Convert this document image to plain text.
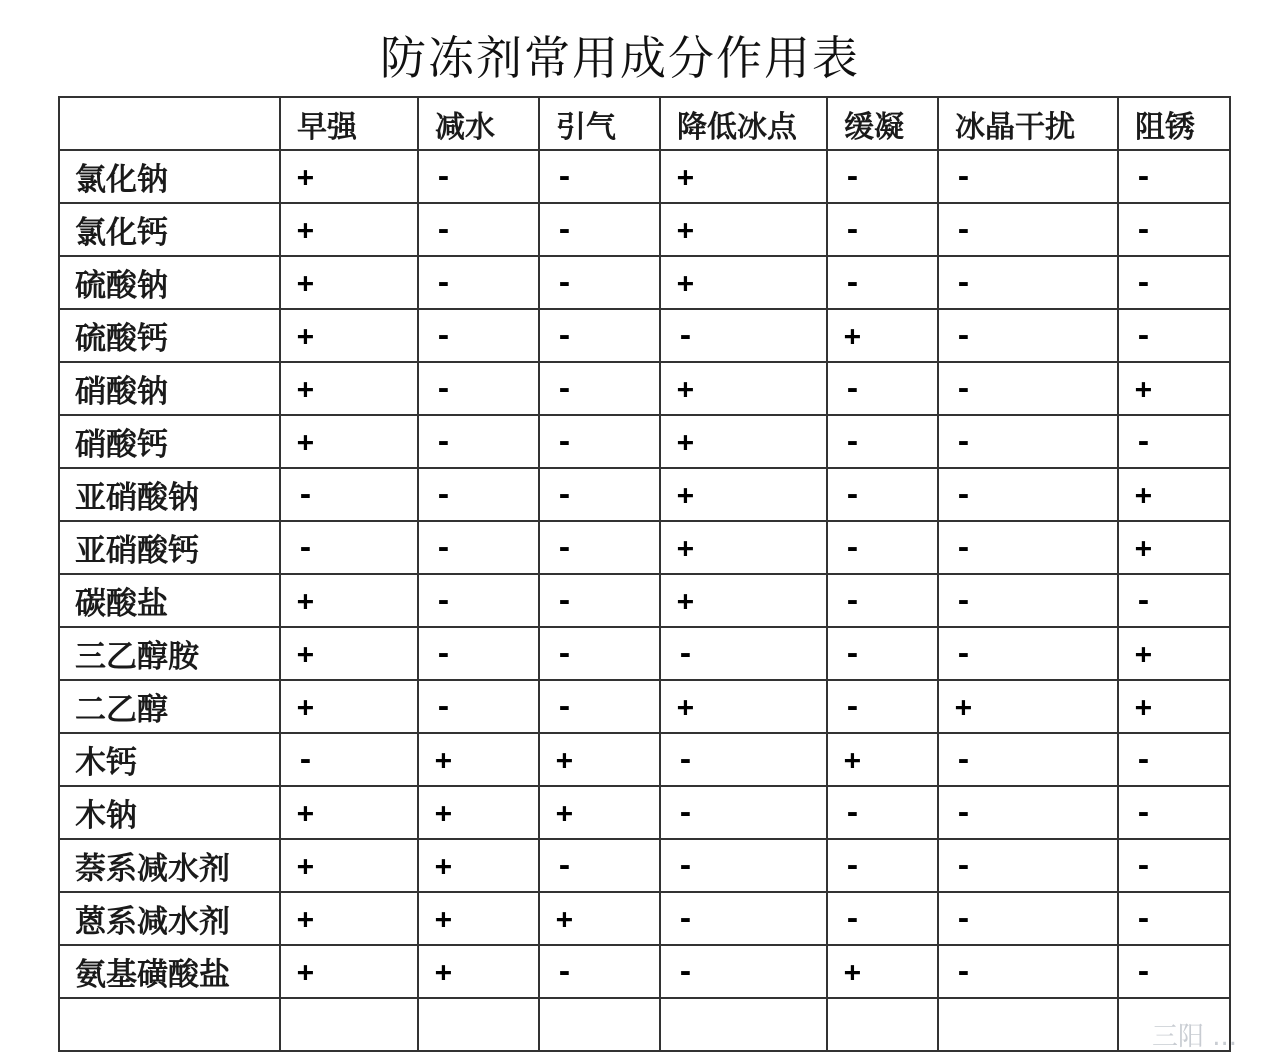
防冻剂常用成分作用表
	早强	减水	引气	降低冰点	缓凝	冰晶干扰	阻锈
氯化钠	+	-	-	+	-	-	-
氯化钙	+	-	-	+	-	-	-
硫酸钠	+	-	-	+	-	-	-
硫酸钙	+	-	-	-	+	-	-
硝酸钠	+	-	-	+	-	-	+
硝酸钙	+	-	-	+	-	-	-
亚硝酸钠	-	-	-	+	-	-	+
亚硝酸钙	-	-	-	+	-	-	+
碳酸盐	+	-	-	+	-	-	-
三乙醇胺	+	-	-	-	-	-	+
二乙醇	+	-	-	+	-	+	+
木钙	-	+	+	-	+	-	-
木钠	+	+	+	-	-	-	-
萘系减水剂	+	+	-	-	-	-	-
蒽系减水剂	+	+	+	-	-	-	-
氨基磺酸盐	+	+	-	-	+	-	-

三阳 ...
